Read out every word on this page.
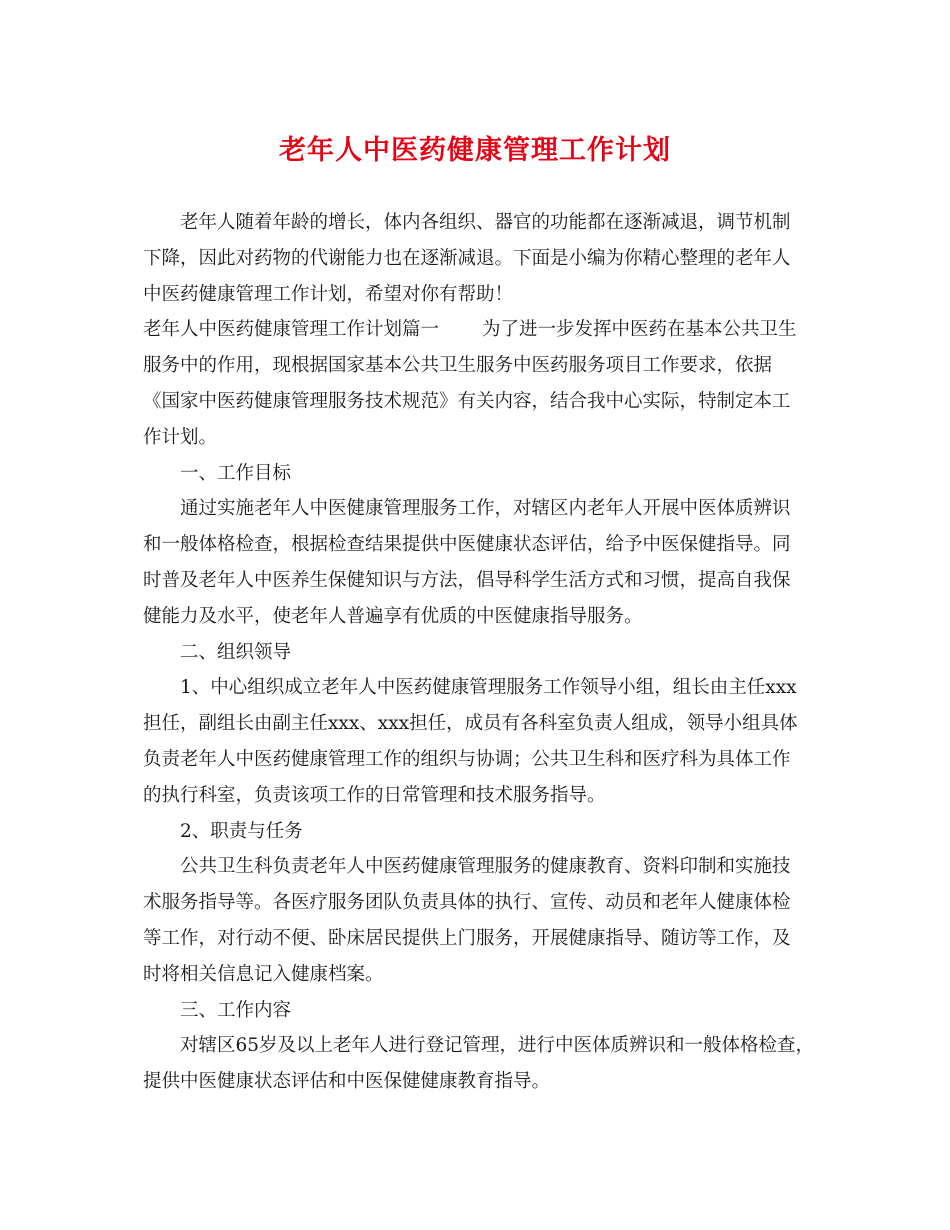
老年人中医药健康管理工作计划
老年人随着年龄的增长，体内各组织、器官的功能都在逐渐减退，调节机制
下降，因此对药物的代谢能力也在逐渐减退。下面是小编为你精心整理的老年人
中医药健康管理工作计划，希望对你有帮助！
老年人中医药健康管理工作计划篇一 为了进一步发挥中医药在基本公共卫生
服务中的作用，现根据国家基本公共卫生服务中医药服务项目工作要求，依据
《国家中医药健康管理服务技术规范》有关内容，结合我中心实际，特制定本工
作计划。
一、工作目标
通过实施老年人中医健康管理服务工作，对辖区内老年人开展中医体质辨识
和一般体格检查，根据检查结果提供中医健康状态评估，给予中医保健指导。同
时普及老年人中医养生保健知识与方法，倡导科学生活方式和习惯，提高自我保
健能力及水平，使老年人普遍享有优质的中医健康指导服务。
二、组织领导
1、中心组织成立老年人中医药健康管理服务工作领导小组，组长由主任xxx
担任，副组长由副主任xxx、xxx担任，成员有各科室负责人组成，领导小组具体
负责老年人中医药健康管理工作的组织与协调；公共卫生科和医疗科为具体工作
的执行科室，负责该项工作的日常管理和技术服务指导。
2、职责与任务
公共卫生科负责老年人中医药健康管理服务的健康教育、资料印制和实施技
术服务指导等。各医疗服务团队负责具体的执行、宣传、动员和老年人健康体检
等工作，对行动不便、卧床居民提供上门服务，开展健康指导、随访等工作，及
时将相关信息记入健康档案。
三、工作内容
对辖区65岁及以上老年人进行登记管理，进行中医体质辨识和一般体格检查，
提供中医健康状态评估和中医保健健康教育指导。
